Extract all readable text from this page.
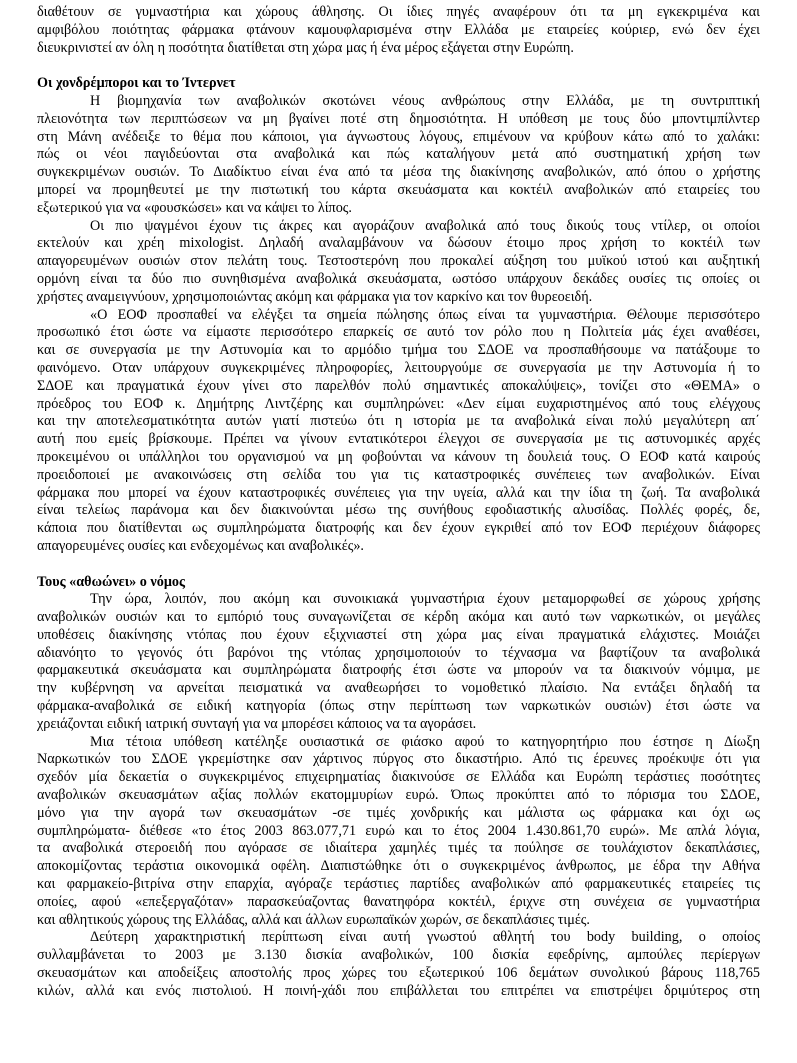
διαθέτουν σε γυμναστήρια και χώρους άθλησης. Οι ίδιες πηγές αναφέρουν ότι τα μη εγκεκριμένα και
αμφιβόλου ποιότητας φάρμακα φτάνουν καμουφλαρισμένα στην Ελλάδα με εταιρείες κούριερ, ενώ δεν έχει
διευκρινιστεί αν όλη η ποσότητα διατίθεται στη χώρα μας ή ένα μέρος εξάγεται στην Ευρώπη.
Οι χονδρέμποροι και το Ίντερνετ
Η βιομηχανία των αναβολικών σκοτώνει νέους ανθρώπους στην Ελλάδα, με τη συντριπτική
πλειονότητα των περιπτώσεων να μη βγαίνει ποτέ στη δημοσιότητα. Η υπόθεση με τους δύο μποντιμπίλντερ
στη Μάνη ανέδειξε το θέμα που κάποιοι, για άγνωστους λόγους, επιμένουν να κρύβουν κάτω από το χαλάκι:
πώς οι νέοι παγιδεύονται στα αναβολικά και πώς καταλήγουν μετά από συστηματική χρήση των
συγκεκριμένων ουσιών. Το Διαδίκτυο είναι ένα από τα μέσα της διακίνησης αναβολικών, από όπου ο χρήστης
μπορεί να προμηθευτεί με την πιστωτική του κάρτα σκευάσματα και κοκτέιλ αναβολικών από εταιρείες του
εξωτερικού για να «φουσκώσει» και να κάψει το λίπος.
Οι πιο ψαγμένοι έχουν τις άκρες και αγοράζουν αναβολικά από τους δικούς τους ντίλερ, οι οποίοι
εκτελούν και χρέη mixologist. Δηλαδή αναλαμβάνουν να δώσουν έτοιμο προς χρήση το κοκτέιλ των
απαγορευμένων ουσιών στον πελάτη τους. Τεστοστερόνη που προκαλεί αύξηση του μυϊκού ιστού και αυξητική
ορμόνη είναι τα δύο πιο συνηθισμένα αναβολικά σκευάσματα, ωστόσο υπάρχουν δεκάδες ουσίες τις οποίες οι
χρήστες αναμειγνύουν, χρησιμοποιώντας ακόμη και φάρμακα για τον καρκίνο και τον θυρεοειδή.
«Ο ΕΟΦ προσπαθεί να ελέγξει τα σημεία πώλησης όπως είναι τα γυμναστήρια. Θέλουμε περισσότερο
προσωπικό έτσι ώστε να είμαστε περισσότερο επαρκείς σε αυτό τον ρόλο που η Πολιτεία μάς έχει αναθέσει,
και σε συνεργασία με την Αστυνομία και το αρμόδιο τμήμα του ΣΔΟΕ να προσπαθήσουμε να πατάξουμε το
φαινόμενο. Οταν υπάρχουν συγκεκριμένες πληροφορίες, λειτουργούμε σε συνεργασία με την Αστυνομία ή το
ΣΔΟΕ και πραγματικά έχουν γίνει στο παρελθόν πολύ σημαντικές αποκαλύψεις», τονίζει στο «ΘΕΜΑ» ο
πρόεδρος του ΕΟΦ κ. Δημήτρης Λιντζέρης και συμπληρώνει: «Δεν είμαι ευχαριστημένος από τους ελέγχους
και την αποτελεσματικότητα αυτών γιατί πιστεύω ότι η ιστορία με τα αναβολικά είναι πολύ μεγαλύτερη απ΄
αυτή που εμείς βρίσκουμε. Πρέπει να γίνουν εντατικότεροι έλεγχοι σε συνεργασία με τις αστυνομικές αρχές
προκειμένου οι υπάλληλοι του οργανισμού να μη φοβούνται να κάνουν τη δουλειά τους. Ο ΕΟΦ κατά καιρούς
προειδοποιεί με ανακοινώσεις στη σελίδα του για τις καταστροφικές συνέπειες των αναβολικών. Είναι
φάρμακα που μπορεί να έχουν καταστροφικές συνέπειες για την υγεία, αλλά και την ίδια τη ζωή. Τα αναβολικά
είναι τελείως παράνομα και δεν διακινούνται μέσω της συνήθους εφοδιαστικής αλυσίδας. Πολλές φορές, δε,
κάποια που διατίθενται ως συμπληρώματα διατροφής και δεν έχουν εγκριθεί από τον ΕΟΦ περιέχουν διάφορες
απαγορευμένες ουσίες και ενδεχομένως και αναβολικές».
Τους «αθωώνει» ο νόμος
Την ώρα, λοιπόν, που ακόμη και συνοικιακά γυμναστήρια έχουν μεταμορφωθεί σε χώρους χρήσης
αναβολικών ουσιών και το εμπόριό τους συναγωνίζεται σε κέρδη ακόμα και αυτό των ναρκωτικών, οι μεγάλες
υποθέσεις διακίνησης ντόπας που έχουν εξιχνιαστεί στη χώρα μας είναι πραγματικά ελάχιστες. Μοιάζει
αδιανόητο το γεγονός ότι βαρόνοι της ντόπας χρησιμοποιούν το τέχνασμα να βαφτίζουν τα αναβολικά
φαρμακευτικά σκευάσματα και συμπληρώματα διατροφής έτσι ώστε να μπορούν να τα διακινούν νόμιμα, με
την κυβέρνηση να αρνείται πεισματικά να αναθεωρήσει το νομοθετικό πλαίσιο. Να εντάξει δηλαδή τα
φάρμακα-αναβολικά σε ειδική κατηγορία (όπως στην περίπτωση των ναρκωτικών ουσιών) έτσι ώστε να
χρειάζονται ειδική ιατρική συνταγή για να μπορέσει κάποιος να τα αγοράσει.
Μια τέτοια υπόθεση κατέληξε ουσιαστικά σε φιάσκο αφού το κατηγορητήριο που έστησε η Δίωξη
Ναρκωτικών του ΣΔΟΕ γκρεμίστηκε σαν χάρτινος πύργος στο δικαστήριο. Από τις έρευνες προέκυψε ότι για
σχεδόν μία δεκαετία ο συγκεκριμένος επιχειρηματίας διακινούσε σε Ελλάδα και Ευρώπη τεράστιες ποσότητες
αναβολικών σκευασμάτων αξίας πολλών εκατομμυρίων ευρώ. Όπως προκύπτει από το πόρισμα του ΣΔΟΕ,
μόνο για την αγορά των σκευασμάτων -σε τιμές χονδρικής και μάλιστα ως φάρμακα και όχι ως
συμπληρώματα- διέθεσε «το έτος 2003 863.077,71 ευρώ και το έτος 2004 1.430.861,70 ευρώ». Με απλά λόγια,
τα αναβολικά στεροειδή που αγόρασε σε ιδιαίτερα χαμηλές τιμές τα πούλησε σε τουλάχιστον δεκαπλάσιες,
αποκομίζοντας τεράστια οικονομικά οφέλη. Διαπιστώθηκε ότι ο συγκεκριμένος άνθρωπος, με έδρα την Αθήνα
και φαρμακείο-βιτρίνα στην επαρχία, αγόραζε τεράστιες παρτίδες αναβολικών από φαρμακευτικές εταιρείες τις
οποίες, αφού «επεξεργαζόταν» παρασκεύαζοντας θανατηφόρα κοκτέιλ, έριχνε στη συνέχεια σε γυμναστήρια
και αθλητικούς χώρους της Ελλάδας, αλλά και άλλων ευρωπαϊκών χωρών, σε δεκαπλάσιες τιμές.
Δεύτερη χαρακτηριστική περίπτωση είναι αυτή γνωστού αθλητή του body building, ο οποίος
συλλαμβάνεται το 2003 με 3.130 δισκία αναβολικών, 100 δισκία εφεδρίνης, αμπούλες περίεργων
σκευασμάτων και αποδείξεις αποστολής προς χώρες του εξωτερικού 106 δεμάτων συνολικού βάρους 118,765
κιλών, αλλά και ενός πιστολιού. Η ποινή-χάδι που επιβάλλεται του επιτρέπει να επιστρέψει δριμύτερος στη
